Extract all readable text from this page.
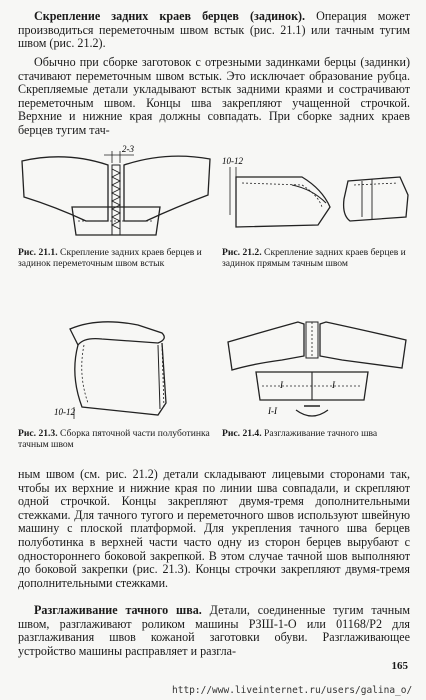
Скрепление задних краев берцев (задинок). Операция может производиться переметочным швом встык (рис. 21.1) или тачным тугим швом (рис. 21.2).

Обычно при сборке заготовок с отрезными задинками берцы (задинки) стачивают переметочным швом встык. Это исключает образование рубца. Скрепляемые детали укладывают встык задними краями и сострачивают переметочным швом. Концы шва закрепляют учащенной строчкой. Верхние и нижние края должны совпадать. При сборке задних краев берцев тугим тач-

2-3

Рис. 21.1. Скрепление задних краев берцев и задинок переметочным швом встык

10-12

Рис. 21.2. Скрепление задних краев берцев и задинок прямым тачным швом

10-12

Рис. 21.3. Сборка пяточной части полуботинка тачным швом

I	I
I-I

Рис. 21.4. Разглаживание тачного шва

ным швом (см. рис. 21.2) детали складывают лицевыми сторонами так, чтобы их верхние и нижние края по линии шва совпадали, и скрепляют одной строчкой. Концы закрепляют двумя-тремя дополнительными стежками. Для тачного тугого и переметочного швов используют швейную машину с плоской платформой. Для укрепления тачного шва берцев полуботинка в верхней части часто одну из сторон берцев вырубают с одностороннего боковой закрепкой. В этом случае тачной шов выполняют до боковой закрепки (рис. 21.3). Концы строчки закрепляют двумя-тремя дополнительными стежками.

Разглаживание тачного шва. Детали, соединенные тугим тачным швом, разглаживают роликом машины РЗШ-1-О или 01168/Р2 для разглаживания швов кожаной заготовки обуви. Разглаживающее устройство машины расправляет и разгла-

165
http://www.liveinternet.ru/users/galina_o/
